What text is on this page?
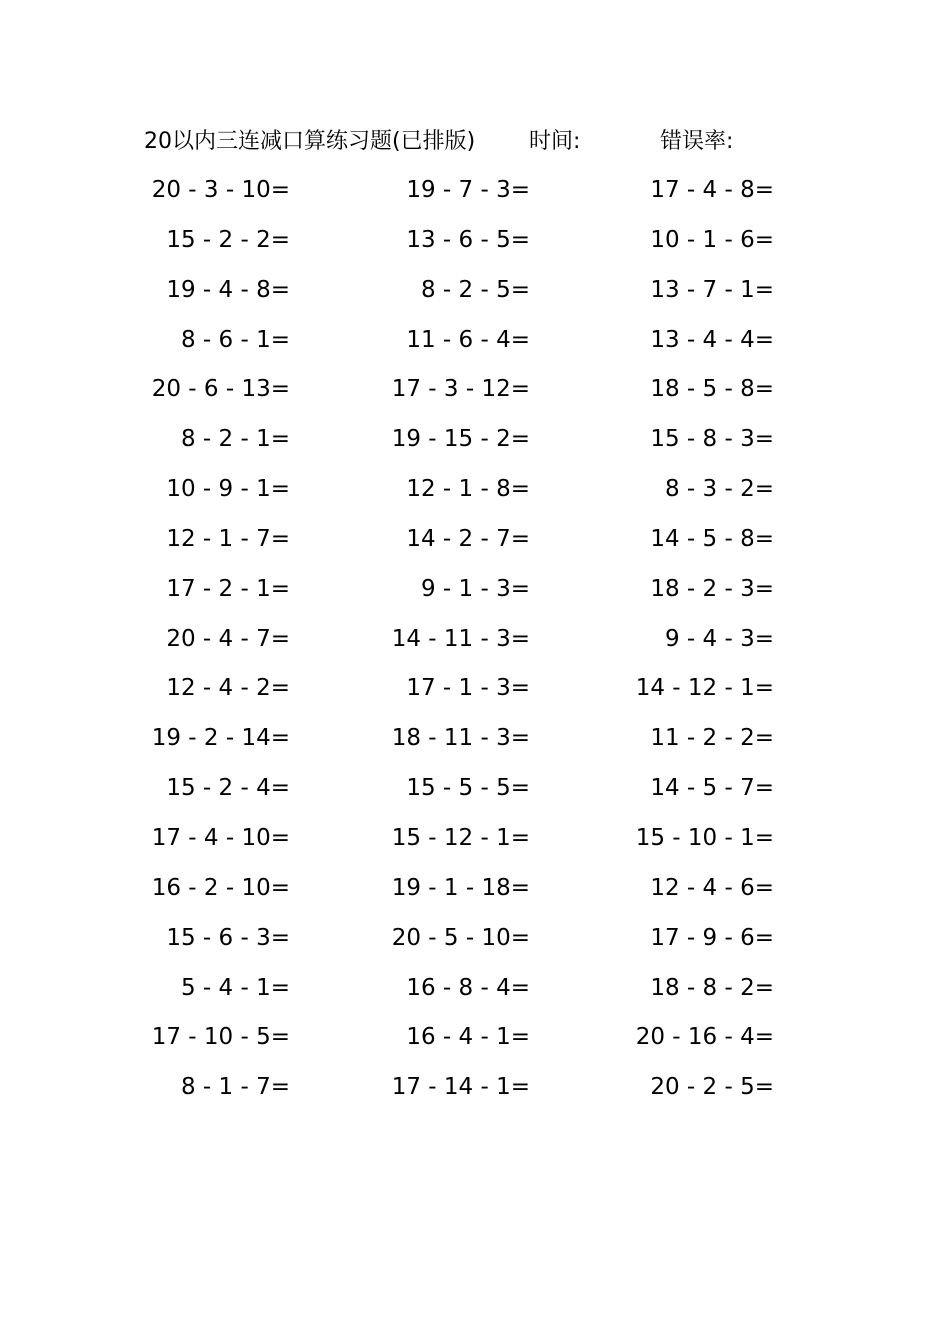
20以内三连减口算练习题(已排版) 时间:	错误率:
20 - 3 - 10=
15 - 2 - 2=
19 - 4 - 8=
8 - 6 - 1=
20 - 6 - 13=
8 - 2 - 1=
10 - 9 - 1=
12 - 1 - 7=
17 - 2 - 1=
20 - 4 - 7=
12 - 4 - 2=
19 - 2 - 14=
15 - 2 - 4=
17 - 4 - 10=
16 - 2 - 10=
15 - 6 - 3=
5 - 4 - 1=
17 - 10 - 5=
8 - 1 - 7=
19 - 7 - 3=
13 - 6 - 5=
8 - 2 - 5=
11 - 6 - 4=
17 - 3 - 12=
19 - 15 - 2=
12 - 1 - 8=
14 - 2 - 7=
9 - 1 - 3=
14 - 11 - 3=
17 - 1 - 3=
18 - 11 - 3=
15 - 5 - 5=
15 - 12 - 1=
19 - 1 - 18=
20 - 5 - 10=
16 - 8 - 4=
16 - 4 - 1=
17 - 14 - 1=
17 - 4 - 8=
10 - 1 - 6=
13 - 7 - 1=
13 - 4 - 4=
18 - 5 - 8=
15 - 8 - 3=
8 - 3 - 2=
14 - 5 - 8=
18 - 2 - 3=
9 - 4 - 3=
14 - 12 - 1=
11 - 2 - 2=
14 - 5 - 7=
15 - 10 - 1=
12 - 4 - 6=
17 - 9 - 6=
18 - 8 - 2=
20 - 16 - 4=
20 - 2 - 5=
